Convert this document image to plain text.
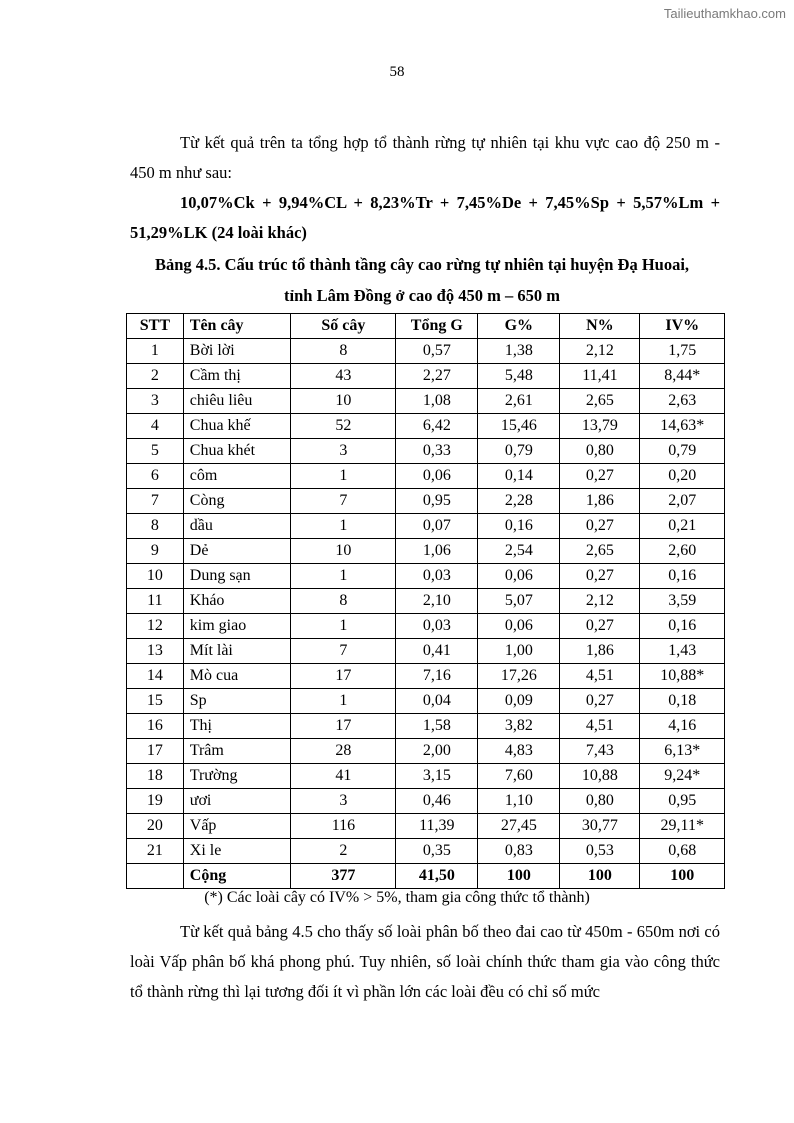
Tailieuthamkhao.com
58
Từ kết quả trên ta tổng hợp tổ thành rừng tự nhiên tại khu vực cao độ 250 m - 450 m như sau:
10,07%Ck + 9,94%CL + 8,23%Tr + 7,45%De + 7,45%Sp + 5,57%Lm + 51,29%LK (24 loài khác)
Bảng 4.5. Cấu trúc tổ thành tầng cây cao rừng tự nhiên tại huyện Đạ Huoai,
tỉnh Lâm Đồng ở cao độ 450 m – 650 m
STT	Tên cây	Số cây	Tổng G	G%	N%	IV%
1	Bời lời	8	0,57	1,38	2,12	1,75
2	Cầm thị	43	2,27	5,48	11,41	8,44*
3	chiêu liêu	10	1,08	2,61	2,65	2,63
4	Chua khế	52	6,42	15,46	13,79	14,63*
5	Chua khét	3	0,33	0,79	0,80	0,79
6	côm	1	0,06	0,14	0,27	0,20
7	Còng	7	0,95	2,28	1,86	2,07
8	dầu	1	0,07	0,16	0,27	0,21
9	Dẻ	10	1,06	2,54	2,65	2,60
10	Dung sạn	1	0,03	0,06	0,27	0,16
11	Kháo	8	2,10	5,07	2,12	3,59
12	kim giao	1	0,03	0,06	0,27	0,16
13	Mít lài	7	0,41	1,00	1,86	1,43
14	Mò cua	17	7,16	17,26	4,51	10,88*
15	Sp	1	0,04	0,09	0,27	0,18
16	Thị	17	1,58	3,82	4,51	4,16
17	Trâm	28	2,00	4,83	7,43	6,13*
18	Trường	41	3,15	7,60	10,88	9,24*
19	ươi	3	0,46	1,10	0,80	0,95
20	Vấp	116	11,39	27,45	30,77	29,11*
21	Xi le	2	0,35	0,83	0,53	0,68
	Cộng	377	41,50	100	100	100
(*) Các loài cây có IV% > 5%, tham gia công thức tổ thành)
Từ kết quả bảng 4.5 cho thấy số loài phân bố theo đai cao từ 450m - 650m nơi có loài Vấp phân bố khá phong phú. Tuy nhiên, số loài chính thức tham gia vào công thức tổ thành rừng thì lại tương đối ít vì phần lớn các loài đều có chỉ số mức
